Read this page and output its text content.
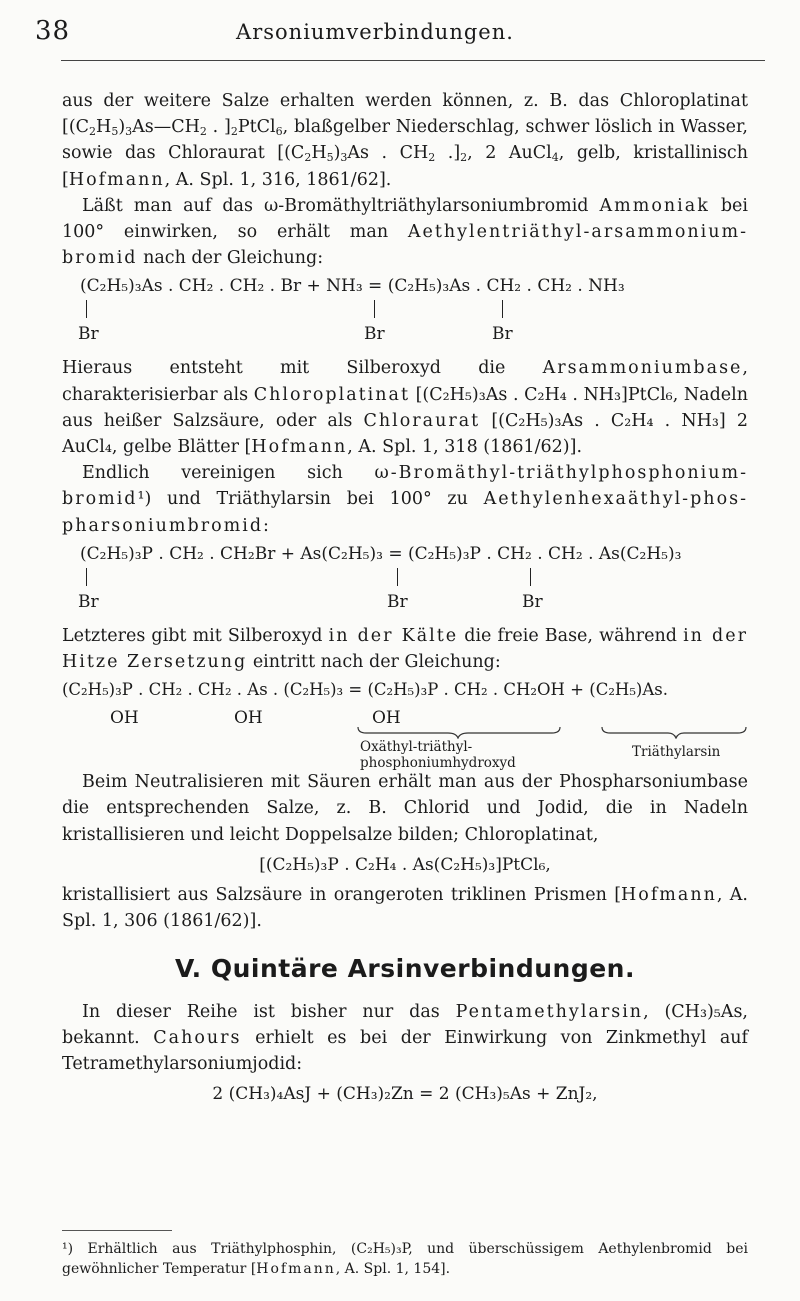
38	Arsoniumverbindungen.

aus der weitere Salze erhalten werden können, z. B. das Chloroplatinat [$(C_2H_5)_3As—CH_2$ . ]$_2PtCl_6$, blaßgelber Niederschlag, schwer löslich in Wasser, sowie das Chloraurat [$(C_2H_5)_3As$ . $CH_2$ $.]_2$, 2 AuCl$_4$, gelb, kristallinisch [Hofmann, A. Spl. 1, 316, 1861/62].

Läßt man auf das ω-Bromäthyltriäthylarsoniumbromid Ammoniak bei 100° einwirken, so erhält man Aethylentriäthyl-arsammonium-bromid nach der Gleichung:

(C₂H₅)₃As . CH₂ . CH₂ . Br + NH₃ = (C₂H₅)₃As . CH₂ . CH₂ . NH₃
Br	Br	Br

Hieraus entsteht mit Silberoxyd die Arsammoniumbase, charakterisierbar als Chloroplatinat [(C₂H₅)₃As . C₂H₄ . NH₃]PtCl₆, Nadeln aus heißer Salzsäure, oder als Chloraurat [(C₂H₅)₃As . C₂H₄ . NH₃] 2 AuCl₄, gelbe Blätter [Hofmann, A. Spl. 1, 318 (1861/62)].

Endlich vereinigen sich ω-Bromäthyl-triäthylphosphonium-bromid¹) und Triäthylarsin bei 100° zu Aethylenhexaäthyl-phos-pharsoniumbromid:

(C₂H₅)₃P . CH₂ . CH₂Br + As(C₂H₅)₃ = (C₂H₅)₃P . CH₂ . CH₂ . As(C₂H₅)₃
Br	Br	Br

Letzteres gibt mit Silberoxyd in der Kälte die freie Base, während in der Hitze Zersetzung eintritt nach der Gleichung:

(C₂H₅)₃P . CH₂ . CH₂ . As . (C₂H₅)₃ = (C₂H₅)₃P . CH₂ . CH₂OH + (C₂H₅)As.
OH	OH	OH
Oxäthyl-triäthyl-phosphoniumhydroxyd
Triäthylarsin

Beim Neutralisieren mit Säuren erhält man aus der Phospharsoniumbase die entsprechenden Salze, z. B. Chlorid und Jodid, die in Nadeln kristallisieren und leicht Doppelsalze bilden; Chloroplatinat,

[(C₂H₅)₃P . C₂H₄ . As(C₂H₅)₃]PtCl₆,

kristallisiert aus Salzsäure in orangeroten triklinen Prismen [Hofmann, A. Spl. 1, 306 (1861/62)].

V. Quintäre Arsinverbindungen.

In dieser Reihe ist bisher nur das Pentamethylarsin, (CH₃)₅As, bekannt. Cahours erhielt es bei der Einwirkung von Zinkmethyl auf Tetramethylarsoniumjodid:

2 (CH₃)₄AsJ + (CH₃)₂Zn = 2 (CH₃)₅As + ZnJ₂,
¹) Erhältlich aus Triäthylphosphin, (C₂H₅)₃P, und überschüssigem Aethylenbromid bei gewöhnlicher Temperatur [Hofmann, A. Spl. 1, 154].
